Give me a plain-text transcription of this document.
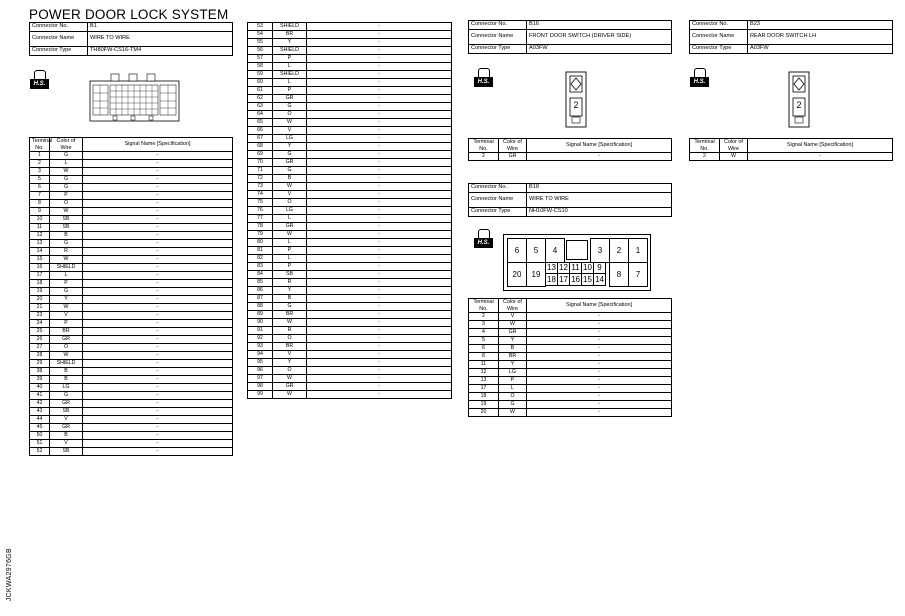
POWER DOOR LOCK SYSTEM
Connector No.	B1
Connector Name	WIRE TO WIRE
Connector Type	TH80FW-CS16-TM4
H.S.
Terminal No.	Color of Wire	Signal Name [Specification]
1	G	-
2	L	-
3	W	-
5	G	-
6	G	-
7	P	-
8	O	-
9	W	-
10	SB	-
11	SB	-
12	B	-
13	G	-
14	R	-
15	W	-
16	SHIELD	-
17	L	-
18	P	-
19	G	-
20	Y	-
21	W	-
23	V	-
24	P	-
25	BR	-
26	GR	-
27	O	-
28	W	-
29	SHIELD	-
38	B	-
39	B	-
40	LG	-
41	G	-
42	GR	-
43	SB	-
44	V	-
45	GR	-
50	B	-
51	V	-
52	SB	-
53	SHIELD	-
54	BR	-
55	Y	-
56	SHIELD	-
57	P	-
58	L	-
59	SHIELD	-
60	L	-
61	P	-
62	GR	-
63	G	-
64	O	-
65	W	-
66	V	-
67	LG	-
68	Y	-
69	G	-
70	GR	-
71	G	-
72	B	-
73	W	-
74	V	-
75	O	-
76	LG	-
77	L	-
78	GR	-
79	W	-
80	L	-
81	P	-
82	L	-
83	P	-
84	SB	-
85	R	-
86	Y	-
87	B	-
88	G	-
89	BR	-
90	W	-
91	R	-
92	O	-
93	BR	-
94	V	-
95	Y	-
96	O	-
97	W	-
98	GR	-
99	W	-
Connector No.	B16
Connector Name	FRONT DOOR SWITCH (DRIVER SIDE)
Connector Type	A03FW
H.S.
2
Terminal No.	Color of Wire	Signal Name [Specification]
2	GR	-
Connector No.	B23
Connector Name	REAR DOOR SWITCH LH
Connector Type	A03FW
H.S.
2
Terminal No.	Color of Wire	Signal Name [Specification]
2	W	-
Connector No.	B18
Connector Name	WIRE TO WIRE
Connector Type	NH10FW-CS10
H.S.
6	5	4	3	2	1
20	19
13 12 11 10 9
18 17 16 15 14
8	7
Terminal No.	Color of Wire	Signal Name [Specification]
2	V	-
3	W	-
4	GR	-
5	Y	-
6	B	-
8	BR	-
11	Y	-
12	LG	-
13	P	-
17	L	-
18	O	-
19	G	-
20	W	-
JCKWA2976GB
